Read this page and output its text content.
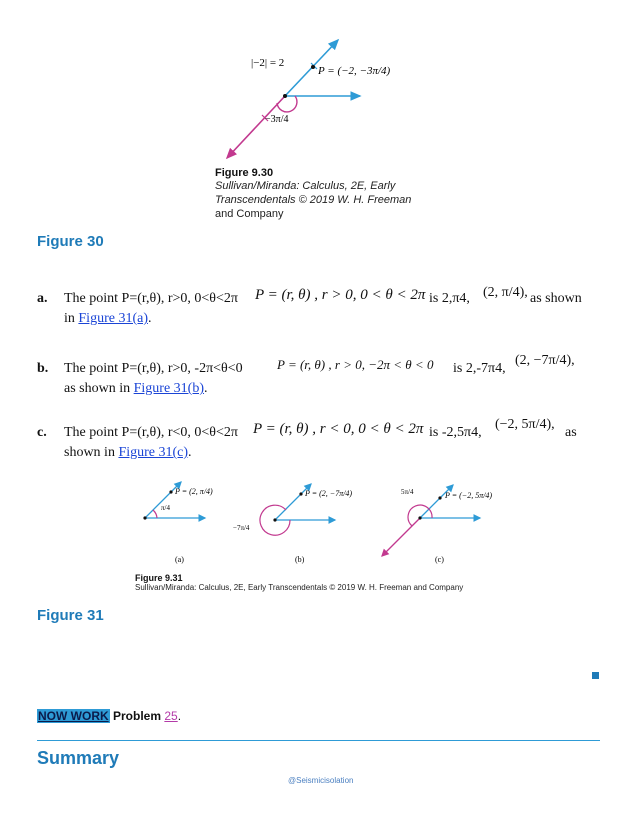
|−2| = 2
P = (−2, −3π/4)
−3π/4
Figure 9.30
Sullivan/Miranda: Calculus, 2E, Early
Transcendentals © 2019 W. H. Freeman
and Company
Figure 30
a. The point P=(r,θ), r>0, 0<θ<2π P = (r, θ) , r > 0, 0 < θ < 2π is 2,π4, (2, π/4), as shown
in Figure 31(a).
b. The point P=(r,θ), r>0, -2π<θ<0	P = (r, θ) , r > 0, −2π < θ < 0 is 2,-7π4,
(2, −7π/4),
as shown in Figure 31(b).
c. The point P=(r,θ), r<0, 0<θ<2π P = (r, θ) , r < 0, 0 < θ < 2π is -2,5π4,
(−2, 5π/4),
as
shown in Figure 31(c).
P = (2, π/4)
π/4
P = (2, −7π/4)
−7π/4
P = (−2, 5π/4)
5π/4
(a)	(b)	(c)
Figure 9.31
Sullivan/Miranda: Calculus, 2E, Early Transcendentals © 2019 W. H. Freeman and Company
Figure 31
NOW WORK Problem 25.
Summary
@Seismicisolation
